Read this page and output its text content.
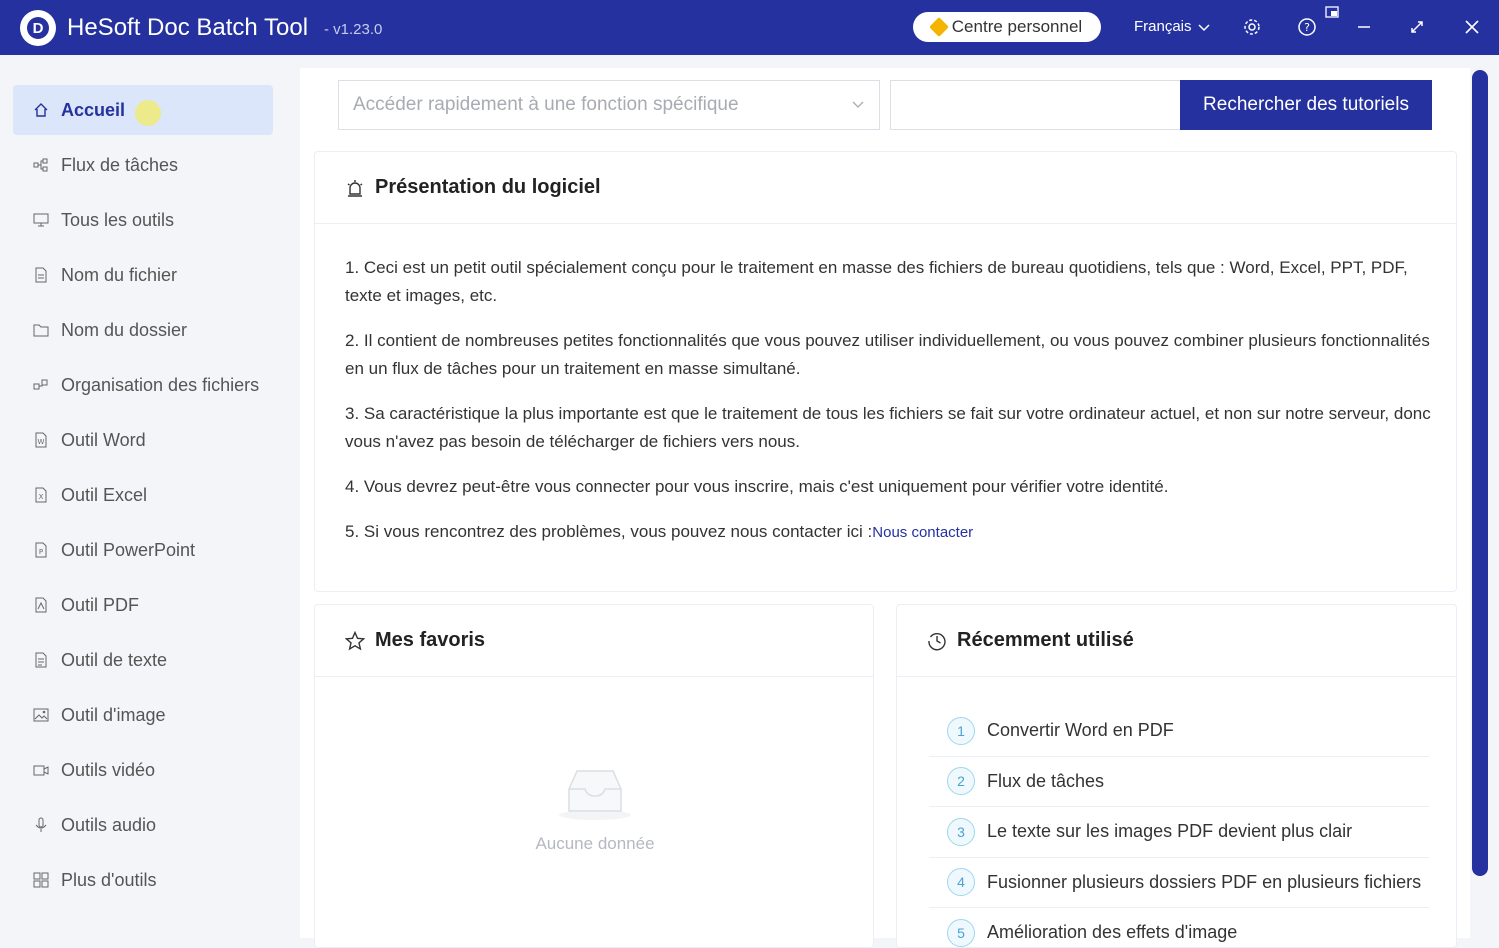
D HeSoft Doc Batch Tool - v1.23.0	Centre personnel	Français	?
Accueil
Flux de tâches
Tous les outils
Nom du fichier
Nom du dossier
Organisation des fichiers
W Outil Word
X Outil Excel
P Outil PowerPoint
Outil PDF
Outil de texte
Outil d'image
Outils vidéo
Outils audio
Plus d'outils
Accéder rapidement à une fonction spécifique	Rechercher des tutoriels
Présentation du logiciel

1. Ceci est un petit outil spécialement conçu pour le traitement en masse des fichiers de bureau quotidiens, tels que : Word, Excel, PPT, PDF, texte et images, etc.

2. Il contient de nombreuses petites fonctionnalités que vous pouvez utiliser individuellement, ou vous pouvez combiner plusieurs fonctionnalités en un flux de tâches pour un traitement en masse simultané.

3. Sa caractéristique la plus importante est que le traitement de tous les fichiers se fait sur votre ordinateur actuel, et non sur notre serveur, donc vous n'avez pas besoin de télécharger de fichiers vers nous.

4. Vous devrez peut-être vous connecter pour vous inscrire, mais c'est uniquement pour vérifier votre identité.

5. Si vous rencontrez des problèmes, vous pouvez nous contacter ici :Nous contacter

Mes favoris
Aucune donnée
Récemment utilisé
1	Convertir Word en PDF
2	Flux de tâches
3	Le texte sur les images PDF devient plus clair
4	Fusionner plusieurs dossiers PDF en plusieurs fichiers
5	Amélioration des effets d'image
